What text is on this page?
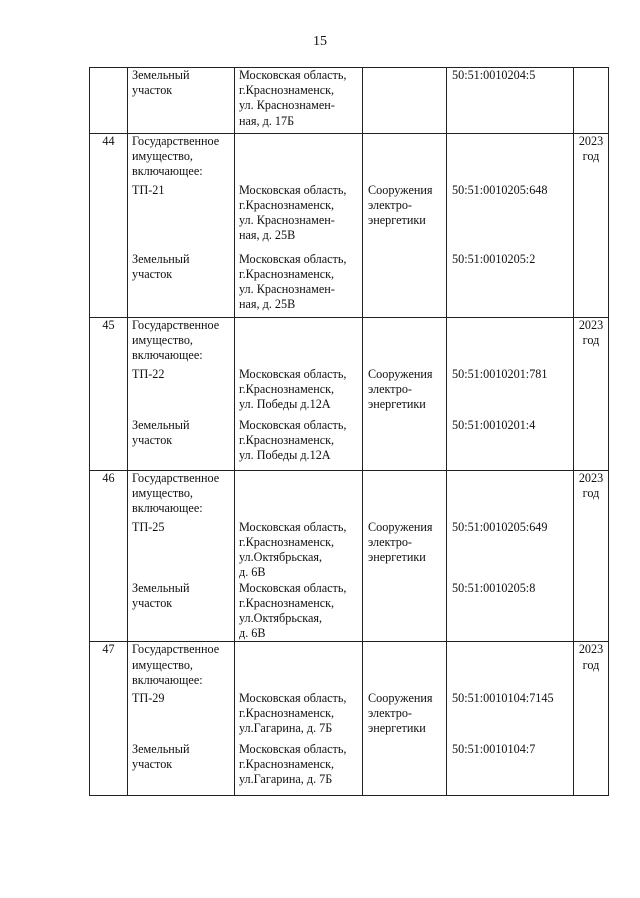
15
	Земельный
участок	Московская область,
г.Краснознаменск,
ул. Краснознамен-
ная, д. 17Б		50:51:0010204:5	
44	Государственное
имущество,
включающее:				2023
год
	ТП-21	Московская область,
г.Краснознаменск,
ул. Краснознамен-
ная, д. 25В	Сооружения
электро-
энергетики	50:51:0010205:648	
	Земельный
участок	Московская область,
г.Краснознаменск,
ул. Краснознамен-
ная, д. 25В		50:51:0010205:2	
45	Государственное
имущество,
включающее:				2023
год
	ТП-22	Московская область,
г.Краснознаменск,
ул. Победы д.12А	Сооружения
электро-
энергетики	50:51:0010201:781	
	Земельный
участок	Московская область,
г.Краснознаменск,
ул. Победы д.12А		50:51:0010201:4	
46	Государственное
имущество,
включающее:				2023
год
	ТП-25	Московская область,
г.Краснознаменск,
ул.Октябрьская,
д. 6В	Сооружения
электро-
энергетики	50:51:0010205:649	
	Земельный
участок	Московская область,
г.Краснознаменск,
ул.Октябрьская,
д. 6В		50:51:0010205:8	
47	Государственное
имущество,
включающее:				2023
год
	ТП-29	Московская область,
г.Краснознаменск,
ул.Гагарина, д. 7Б	Сооружения
электро-
энергетики	50:51:0010104:7145	
	Земельный
участок	Московская область,
г.Краснознаменск,
ул.Гагарина, д. 7Б		50:51:0010104:7	
